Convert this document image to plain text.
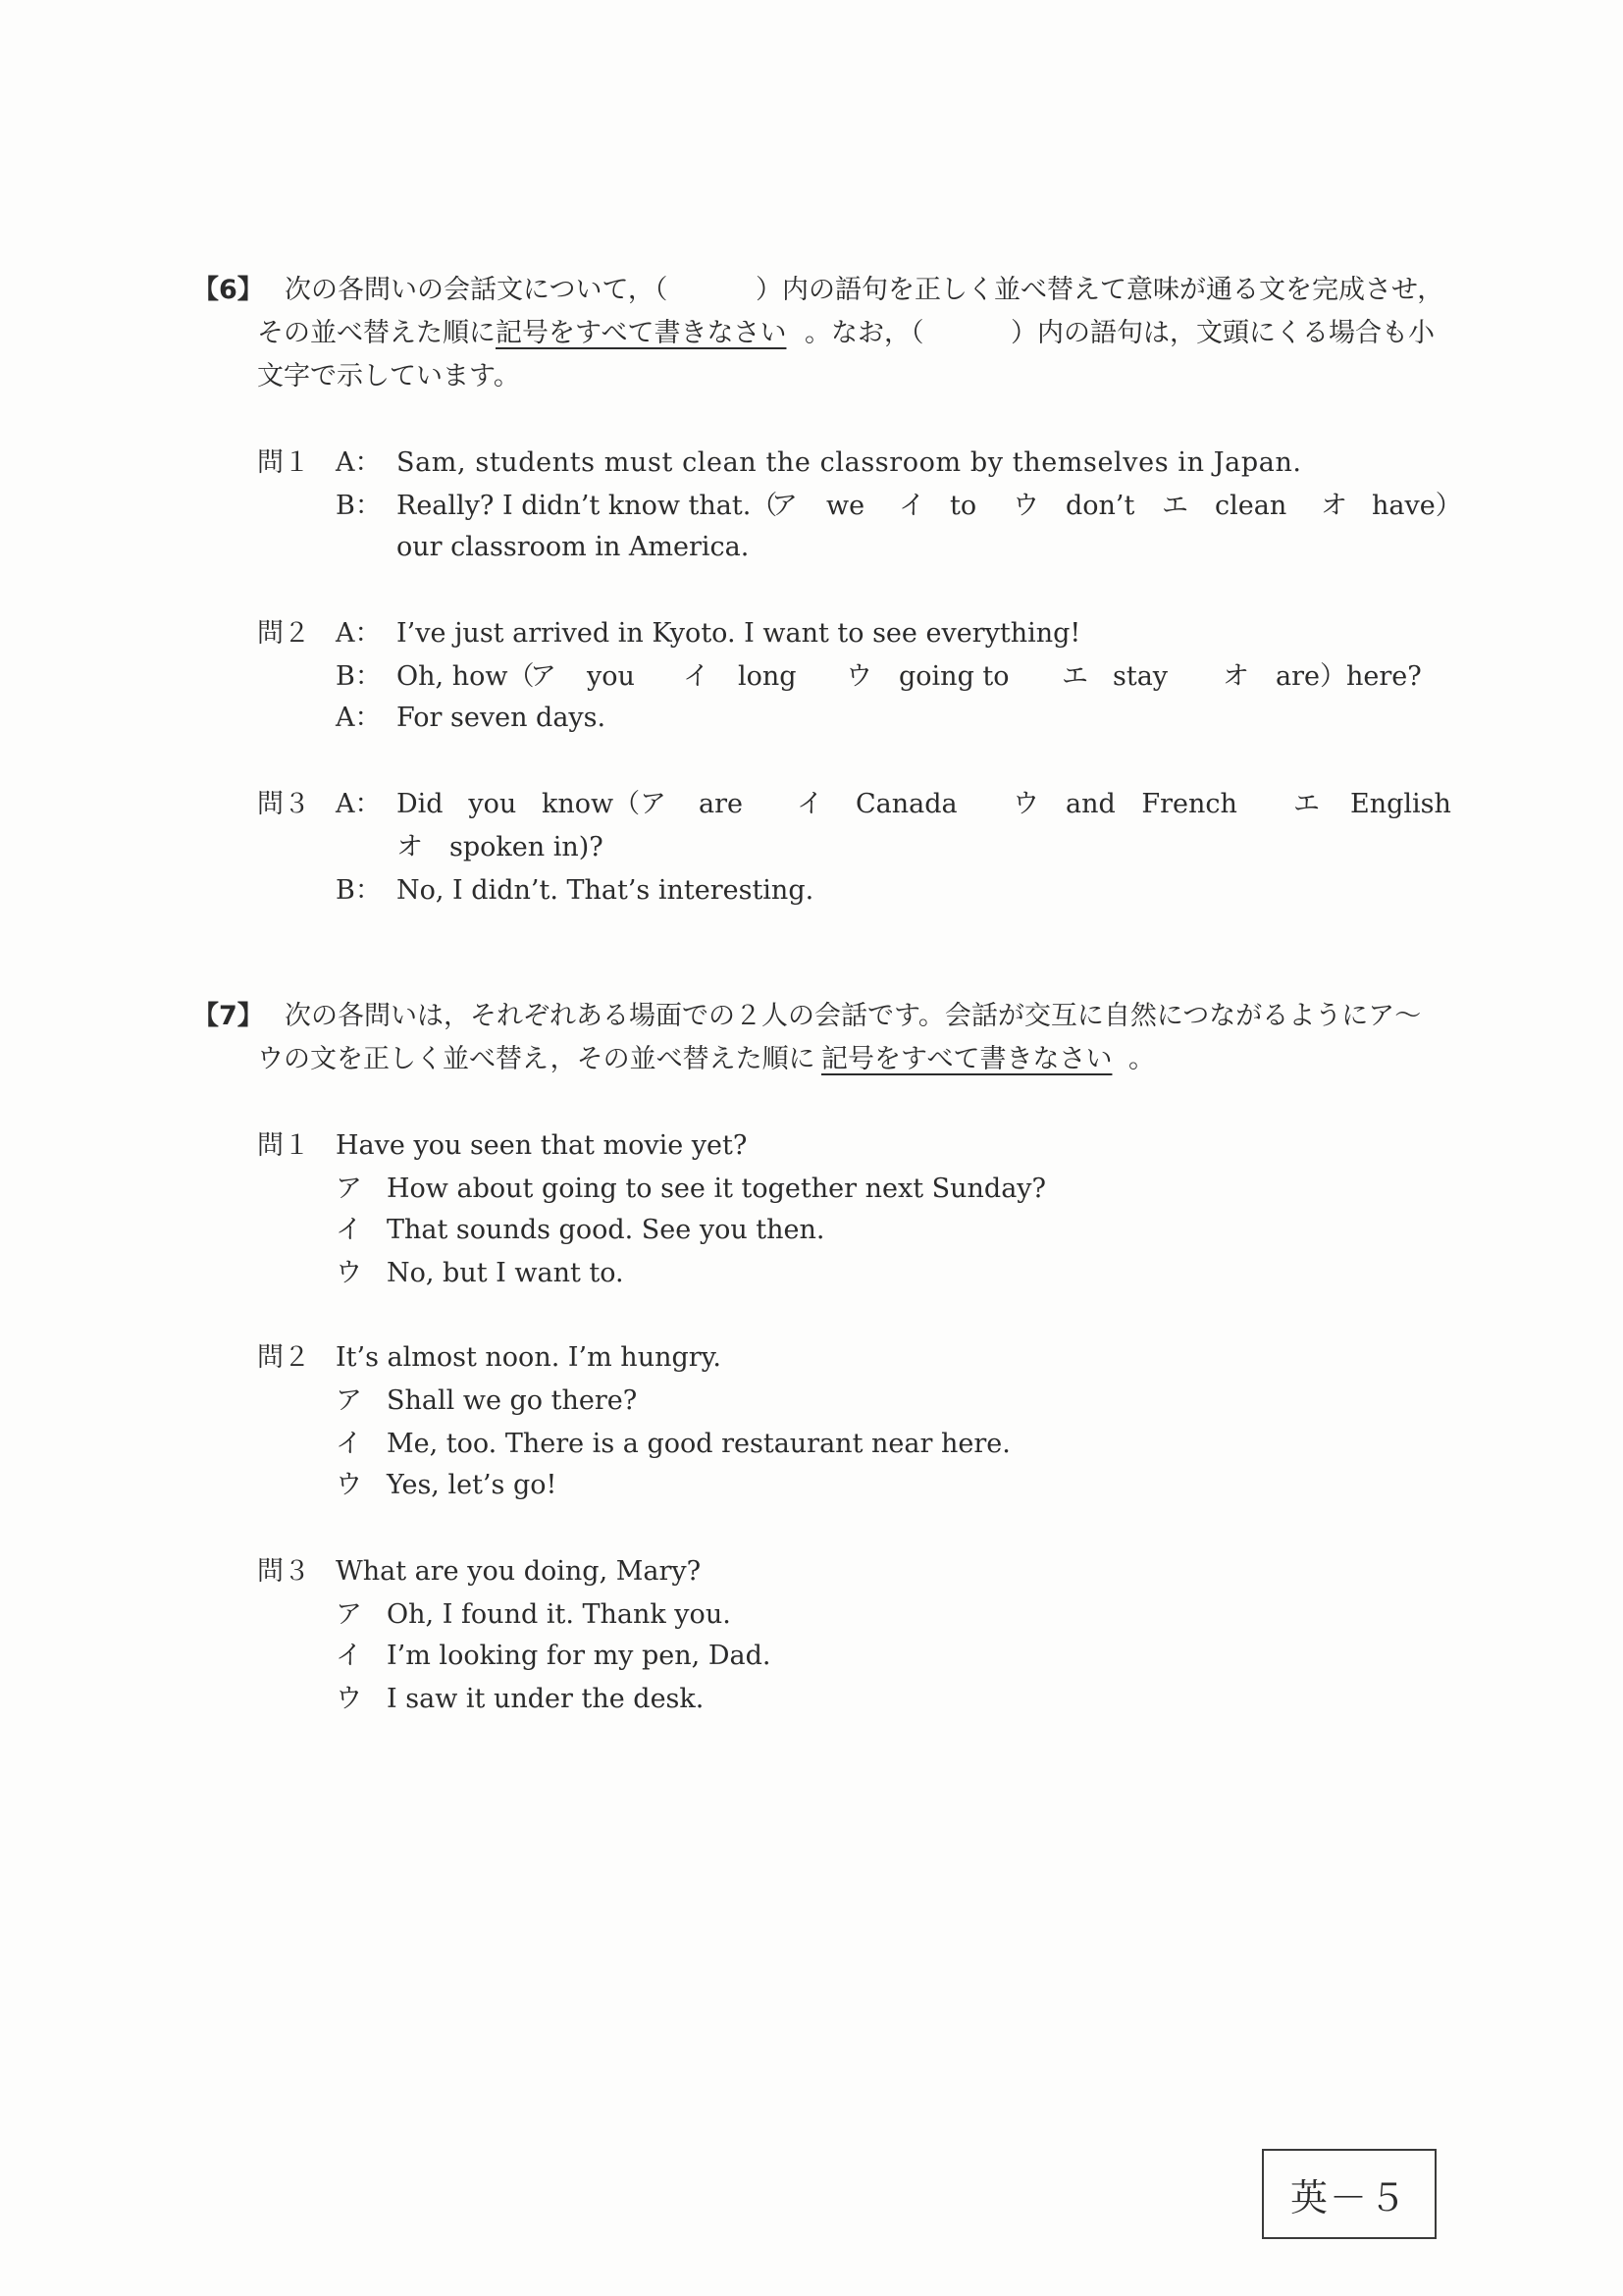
【6】 次の各問いの会話文について，（	）内の語句を正しく並べ替えて意味が通る文を完成させ，
その並べ替えた順に 記号をすべて書きなさい 。なお，（	）内の語句は，文頭にくる場合も小
文字で示しています。
問１ A： Sam, students must clean the classroom by themselves in Japan.
B： Really? I didn’t know that.（
ア we イ to ウ don’t エ clean オ have）
our classroom in America.
問２ A： I’ve just arrived in Kyoto. I want to see everything!
B： Oh, how（
ア you イ long ウ going to エ stay オ are）here?
A： For seven days.
問３ A： Did   you   know（ ア are イ Canada ウ and French エ English
オ spoken in)?
B： No, I didn’t. That’s interesting.
【7】 次の各問いは，それぞれある場面での２人の会話です。会話が交互に自然につながるようにア～
ウの文を正しく並べ替え，その並べ替えた順に 記号をすべて書きなさい 。
問１ Have you seen that movie yet?
ア How about going to see it together next Sunday?
イ That sounds good. See you then.
ウ No, but I want to.
問２ It’s almost noon. I’m hungry.
ア Shall we go there?
イ Me, too. There is a good restaurant near here.
ウ Yes, let’s go!
問３ What are you doing, Mary?
ア Oh, I found it. Thank you.
イ I’m looking for my pen, Dad.
ウ I saw it under the desk.
英－５
